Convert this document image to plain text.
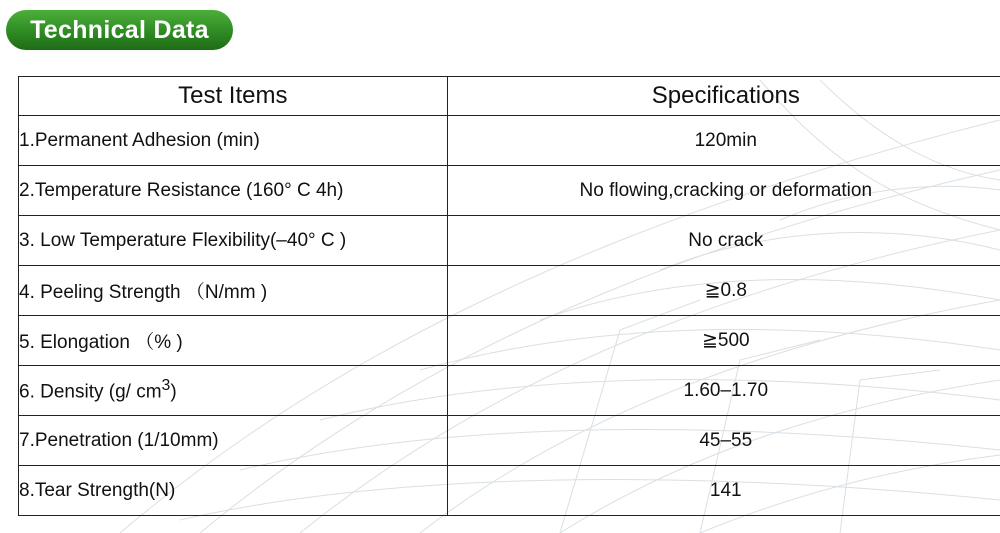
Technical Data
Test Items	Specifications
1.Permanent Adhesion (min)	120min
2.Temperature Resistance (160° C 4h)	No flowing,cracking or deformation
3. Low Temperature Flexibility(–40° C )	No crack
4. Peeling Strength （N/mm )	≧0.8
5. Elongation （% )	≧500
6. Density (g/ $cm^3$)	1.60–1.70
7.Penetration (1/10mm)	45–55
8.Tear Strength(N)	141
